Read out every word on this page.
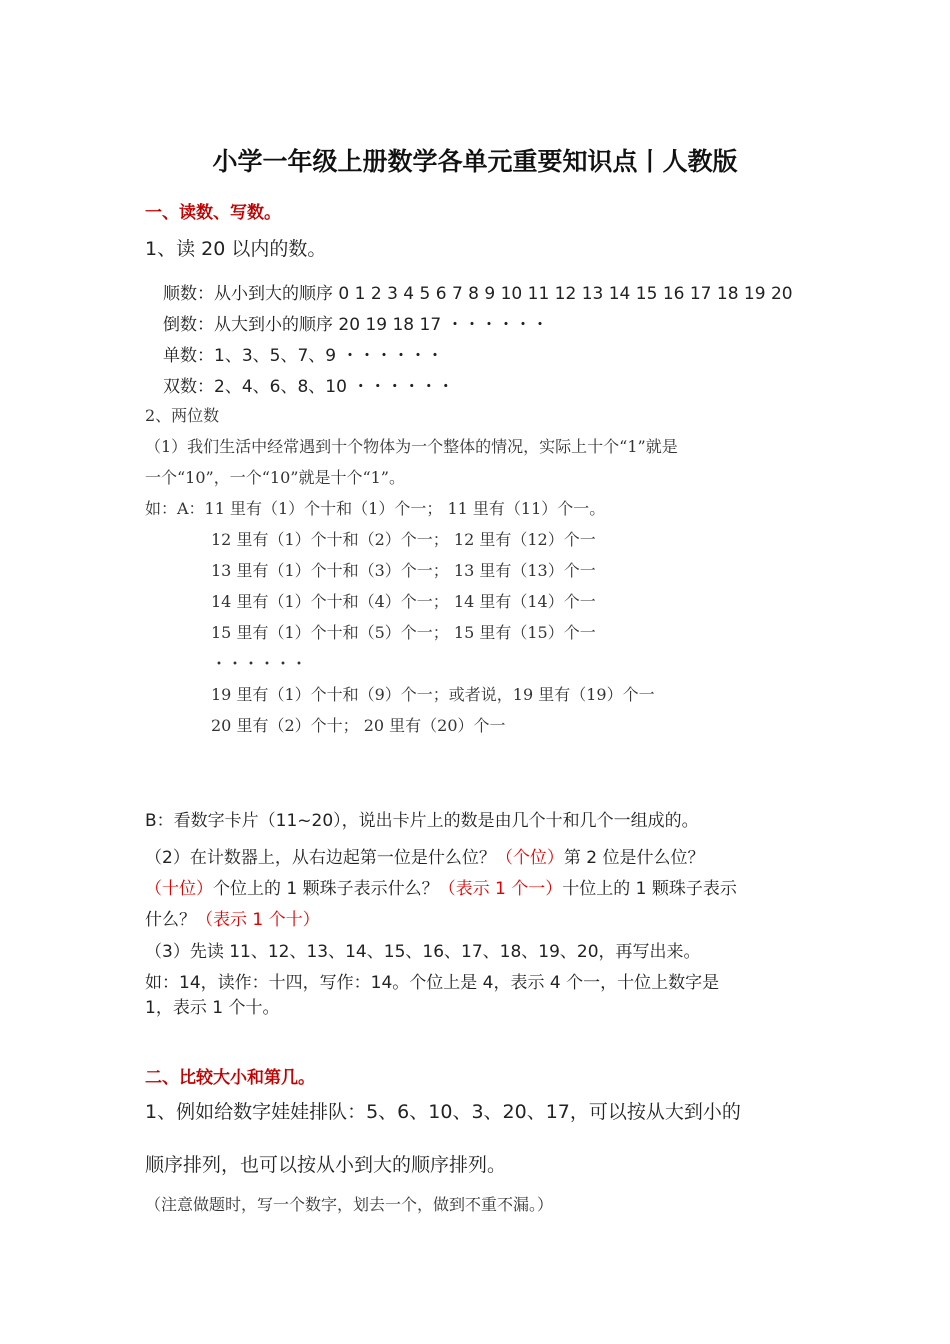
小学一年级上册数学各单元重要知识点丨人教版
一、读数、写数。
1、读 20 以内的数。
顺数：从小到大的顺序 0 1 2 3 4 5 6 7 8 9 10 11 12 13 14 15 16 17 18 19 20
倒数：从大到小的顺序 20 19 18 17 ・・・・・・
单数：1、3、5、7、9 ・・・・・・
双数：2、4、6、8、10 ・・・・・・
2、两位数
（1）我们生活中经常遇到十个物体为一个整体的情况，实际上十个“1”就是
一个“10”，一个“10”就是十个“1”。
如：A：11 里有（1）个十和（1）个一； 11 里有（11）个一。
12 里有（1）个十和（2）个一； 12 里有（12）个一
13 里有（1）个十和（3）个一； 13 里有（13）个一
14 里有（1）个十和（4）个一； 14 里有（14）个一
15 里有（1）个十和（5）个一； 15 里有（15）个一
・・・・・・
19 里有（1）个十和（9）个一；或者说，19 里有（19）个一
20 里有（2）个十； 20 里有（20）个一
B：看数字卡片（11~20），说出卡片上的数是由几个十和几个一组成的。
（2）在计数器上，从右边起第一位是什么位？（个位）第 2 位是什么位？
（十位）个位上的 1 颗珠子表示什么？（表示 1 个一）十位上的 1 颗珠子表示
什么？（表示 1 个十）
（3）先读 11、12、13、14、15、16、17、18、19、20，再写出来。
如：14，读作：十四，写作：14。个位上是 4，表示 4 个一，十位上数字是
1，表示 1 个十。
二、比较大小和第几。
1、例如给数字娃娃排队：5、6、10、3、20、17，可以按从大到小的
顺序排列，也可以按从小到大的顺序排列。
（注意做题时，写一个数字，划去一个，做到不重不漏。）
